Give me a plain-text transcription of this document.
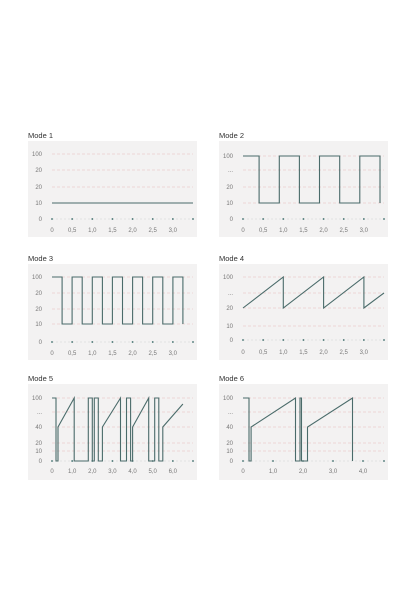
Mode 1	Mode 2
Mode 3	Mode 4
Mode 5	Mode 6
100
20
20
10
0
0 0,5 1,0 1,5 2,0 2,5 3,0
100
...
20
10
0
0 0,5 1,0 1,5 2,0 2,5 3,0
100
20
20
10
0
0 0,5 1,0 1,5 2,0 2,5 3,0
100
...
20
10
0
0 0,5 1,0 1,5 2,0 2,5 3,0
100
...
40
20
10
0
0 1,0 2,0 3,0 4,0 5,0 6,0
100
...
40
20
10
0
0	1,0	2,0	3,0	4,0
